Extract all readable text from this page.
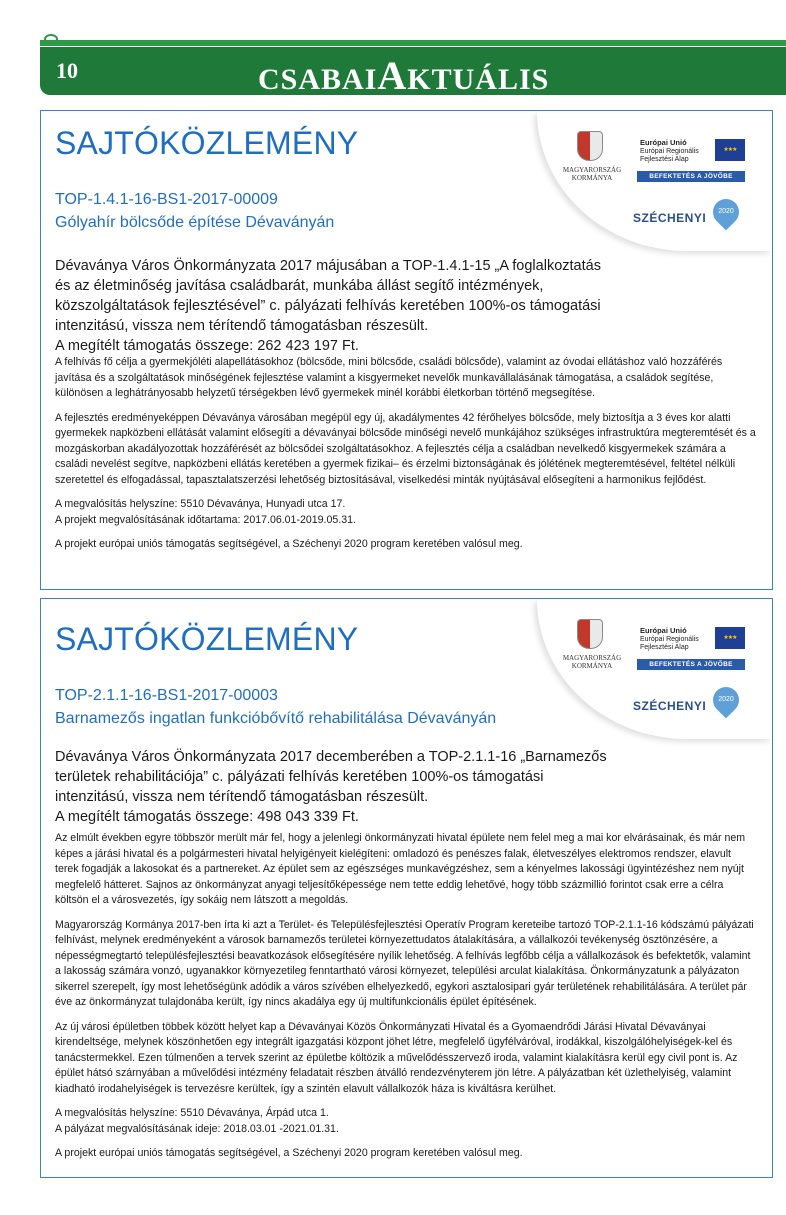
10	CSABAIAKTUÁLIS
MAGYARORSZÁG KORMÁNYA
Európai Unió
Európai Regionális
Fejlesztési Alap
★★★
BEFEKTETÉS A JÖVŐBE
SZÉCHENYI	2020
SAJTÓKÖZLEMÉNY
TOP-1.4.1-16-BS1-2017-00009
Gólyahír bölcsőde építése Dévaványán
Dévaványa Város Önkormányzata 2017 májusában a TOP-1.4.1-15 „A foglalkoztatás és az életminőség javítása családbarát, munkába állást segítő intézmények, közszolgáltatások fejlesztésével” c. pályázati felhívás keretében 100%-os támogatási intenzitású, vissza nem térítendő támogatásban részesült.
A megítélt támogatás összege: 262 423 197 Ft.

A felhívás fő célja a gyermekjóléti alapellátásokhoz (bölcsőde, mini bölcsőde, családi bölcsőde), valamint az óvodai ellátáshoz való hozzáférés javítása és a szolgáltatások minőségének fejlesztése valamint a kisgyermeket nevelők munkavállalásának támogatása, a családok segítése, különösen a leghátrányosabb helyzetű térségekben lévő gyermekek minél korábbi életkorban történő megsegítése.

A fejlesztés eredményeképpen Dévaványa városában megépül egy új, akadálymentes 42 férőhelyes bölcsőde, mely biztosítja a 3 éves kor alatti gyermekek napközbeni ellátását valamint elősegíti a dévaványai bölcsőde minőségi nevelő munkájához szükséges infrastruktúra megteremtését és a mozgáskorban akadályozottak hozzáférését az bölcsődei szolgáltatásokhoz. A fejlesztés célja a családban nevelkedő kisgyermekek számára a családi nevelést segítve, napközbeni ellátás keretében a gyermek fizikai– és érzelmi biztonságának és jólétének megteremtésével, feltétel nélküli szeretettel és elfogadással, tapasztalatszerzési lehetőség biztosításával, viselkedési minták nyújtásával elősegíteni a harmonikus fejlődést.

A megvalósítás helyszíne: 5510 Dévaványa, Hunyadi utca 17.

A projekt megvalósításának időtartama: 2017.06.01-2019.05.31.

A projekt európai uniós támogatás segítségével, a Széchenyi 2020 program keretében valósul meg.

MAGYARORSZÁG KORMÁNYA
Európai Unió
Európai Regionális
Fejlesztési Alap
★★★
BEFEKTETÉS A JÖVŐBE
SZÉCHENYI	2020
SAJTÓKÖZLEMÉNY
TOP-2.1.1-16-BS1-2017-00003
Barnamezős ingatlan funkcióbővítő rehabilitálása Dévaványán
Dévaványa Város Önkormányzata 2017 decemberében a TOP-2.1.1-16 „Barnamezős területek rehabilitációja” c. pályázati felhívás keretében 100%-os támogatási intenzitású, vissza nem térítendő támogatásban részesült.
A megítélt támogatás összege: 498 043 339 Ft.

Az elmúlt években egyre többször merült már fel, hogy a jelenlegi önkormányzati hivatal épülete nem felel meg a mai kor elvárásainak, és már nem képes a járási hivatal és a polgármesteri hivatal helyigényeit kielégíteni: omladozó és penészes falak, életveszélyes elektromos rendszer, elavult terek fogadják a lakosokat és a partnereket. Az épület sem az egészséges munkavégzéshez, sem a kényelmes lakossági ügyintézéshez nem nyújt megfelelő hátteret. Sajnos az önkormányzat anyagi teljesítőképessége nem tette eddig lehetővé, hogy több százmillió forintot csak erre a célra költsön el a városvezetés, így sokáig nem látszott a megoldás.

Magyarország Kormánya 2017-ben írta ki azt a Terület- és Településfejlesztési Operatív Program kereteibe tartozó TOP-2.1.1-16 kódszámú pályázati felhívást, melynek eredményeként a városok barnamezős területei környezettudatos átalakítására, a vállalkozói tevékenység ösztönzésére, a népességmegtartó településfejlesztési beavatkozások elősegítésére nyílik lehetőség. A felhívás legfőbb célja a vállalkozások és befektetők, valamint a lakosság számára vonzó, ugyanakkor környezetileg fenntartható városi környezet, települési arculat kialakítása. Önkormányzatunk a pályázaton sikerrel szerepelt, így most lehetőségünk adódik a város szívében elhelyezkedő, egykori asztalosipari gyár területének rehabilitálására. A terület pár éve az önkormányzat tulajdonába került, így nincs akadálya egy új multifunkcionális épület építésének.

Az új városi épületben többek között helyet kap a Dévaványai Közös Önkormányzati Hivatal és a Gyomaendrődi Járási Hivatal Dévaványai kirendeltsége, melynek köszönhetően egy integrált igazgatási központ jöhet létre, megfelelő ügyfélváróval, irodákkal, kiszolgálóhelyiségek-kel és tanácstermekkel. Ezen túlmenően a tervek szerint az épületbe költözik a művelődésszervező iroda, valamint kialakításra kerül egy civil pont is. Az épület hátsó szárnyában a művelődési intézmény feladatait részben átválló rendezvényterem jön létre. A pályázatban két üzlethelyiség, valamint kiadható irodahelyiségek is tervezésre kerültek, így a szintén elavult vállalkozók háza is kiváltásra kerülhet.

A megvalósítás helyszíne: 5510 Dévaványa, Árpád utca 1.

A pályázat megvalósításának ideje: 2018.03.01 -2021.01.31.

A projekt európai uniós támogatás segítségével, a Széchenyi 2020 program keretében valósul meg.
